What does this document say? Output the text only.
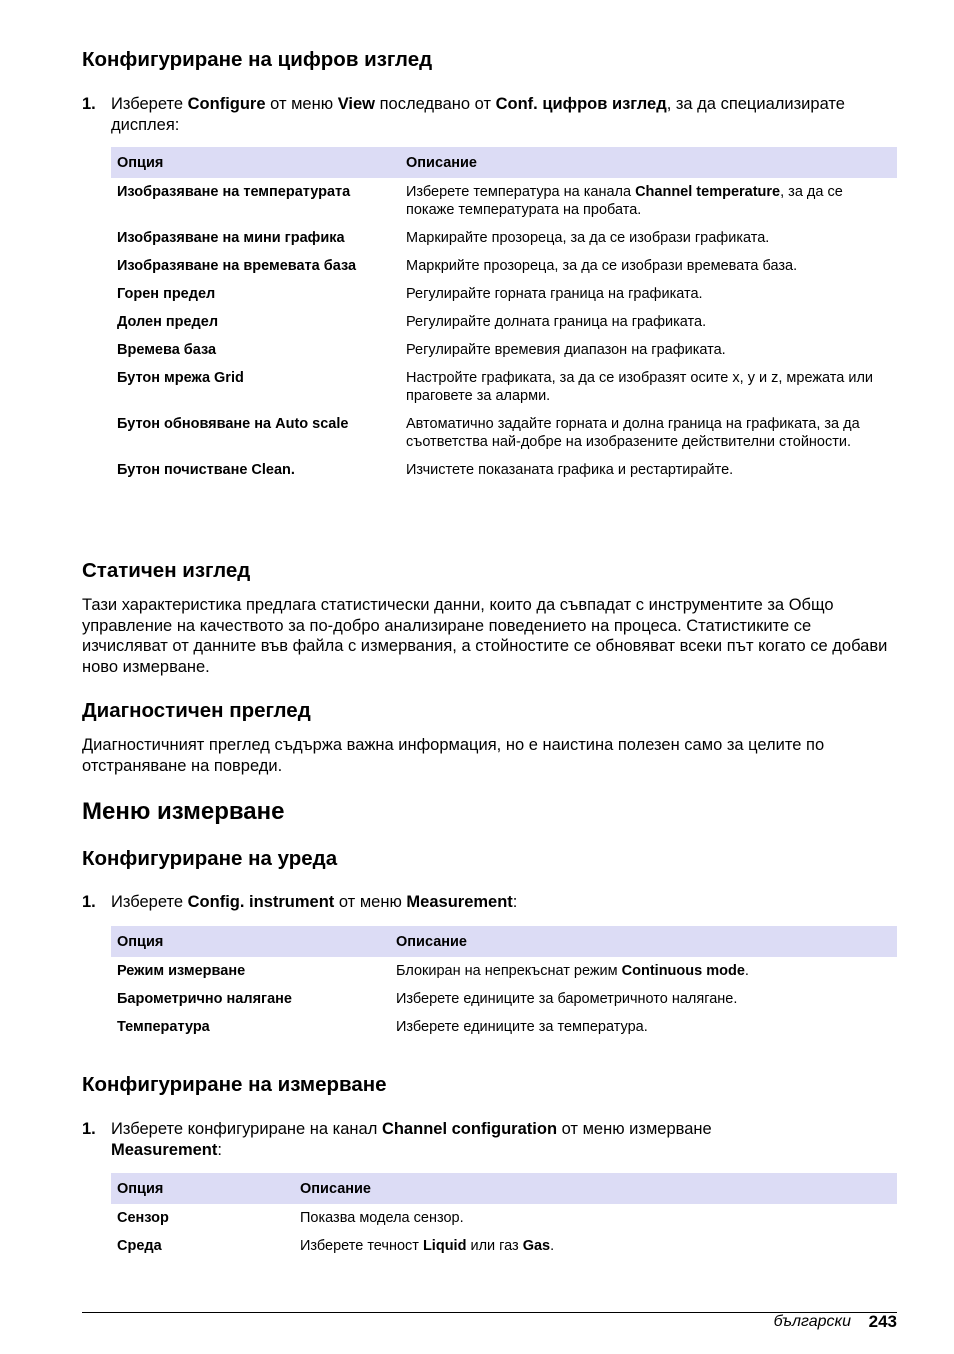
Конфигуриране на цифров изглед
1. Изберете Configure от меню View последвано от Conf. цифров изглед, за да специализирате дисплея:
Опция	Описание
Изобразяване на температурата	Изберете температура на канала Channel temperature, за да се покаже температурата на пробата.
Изобразяване на мини графика	Маркирайте прозореца, за да се изобрази графиката.
Изобразяване на времевата база	Маркрийте прозореца, за да се изобрази времевата база.
Горен предел	Регулирайте горната граница на графиката.
Долен предел	Регулирайте долната граница на графиката.
Времева база	Регулирайте времевия диапазон на графиката.
Бутон мрежа Grid	Настройте графиката, за да се изобразят осите x, y и z, мрежата или праговете за аларми.
Бутон обновяване на Auto scale	Автоматично задайте горната и долна граница на графиката, за да съответства най-добре на изобразените действителни стойности.
Бутон почистване Clean.	Изчистете показаната графика и рестартирайте.
Статичен изглед
Тази характеристика предлага статистически данни, които да съвпадат с инструментите за Общо управление на качеството за по-добро анализиране поведението на процеса. Статистиките се изчисляват от данните във файла с измервания, а стойностите се обновяват всеки път когато се добави ново измерване.
Диагностичен преглед
Диагностичният преглед съдържа важна информация, но е наистина полезен само за целите по отстраняване на повреди.
Меню измерване
Конфигуриране на уреда
1. Изберете Config. instrument от меню Measurement:
Опция	Описание
Режим измерване	Блокиран на непрекъснат режим Continuous mode.
Барометрично налягане	Изберете единиците за барометричното налягане.
Температура	Изберете единиците за температура.
Конфигуриране на измерване
1. Изберете конфигуриране на канал Channel configuration от меню измерване Measurement:
Опция	Описание
Сензор	Показва модела сензор.
Среда	Изберете течност Liquid или газ Gas.
български 243
